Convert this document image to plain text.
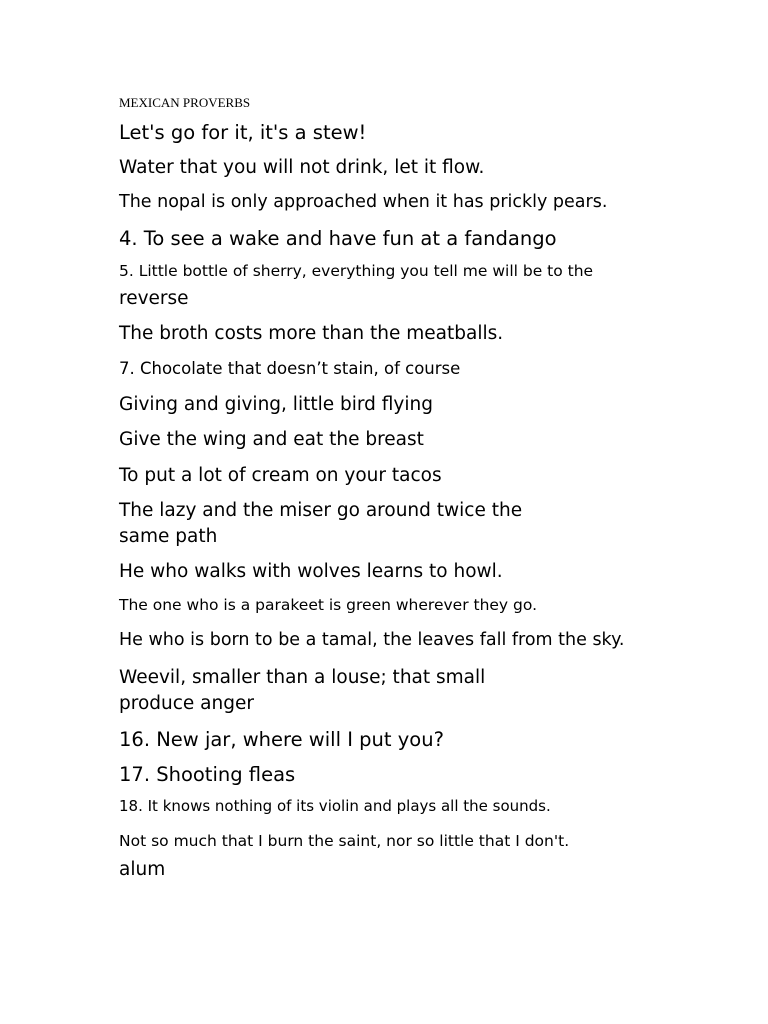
MEXICAN PROVERBS

Let's go for it, it's a stew!

Water that you will not drink, let it flow.

The nopal is only approached when it has prickly pears.

4. To see a wake and have fun at a fandango

5. Little bottle of sherry, everything you tell me will be to the

reverse

The broth costs more than the meatballs.

7. Chocolate that doesn’t stain, of course

Giving and giving, little bird flying

Give the wing and eat the breast

To put a lot of cream on your tacos

The lazy and the miser go around twice the

same path

He who walks with wolves learns to howl.

The one who is a parakeet is green wherever they go.

He who is born to be a tamal, the leaves fall from the sky.

Weevil, smaller than a louse; that small

produce anger

16. New jar, where will I put you?

17. Shooting fleas

18. It knows nothing of its violin and plays all the sounds.

Not so much that I burn the saint, nor so little that I don't.

alum
